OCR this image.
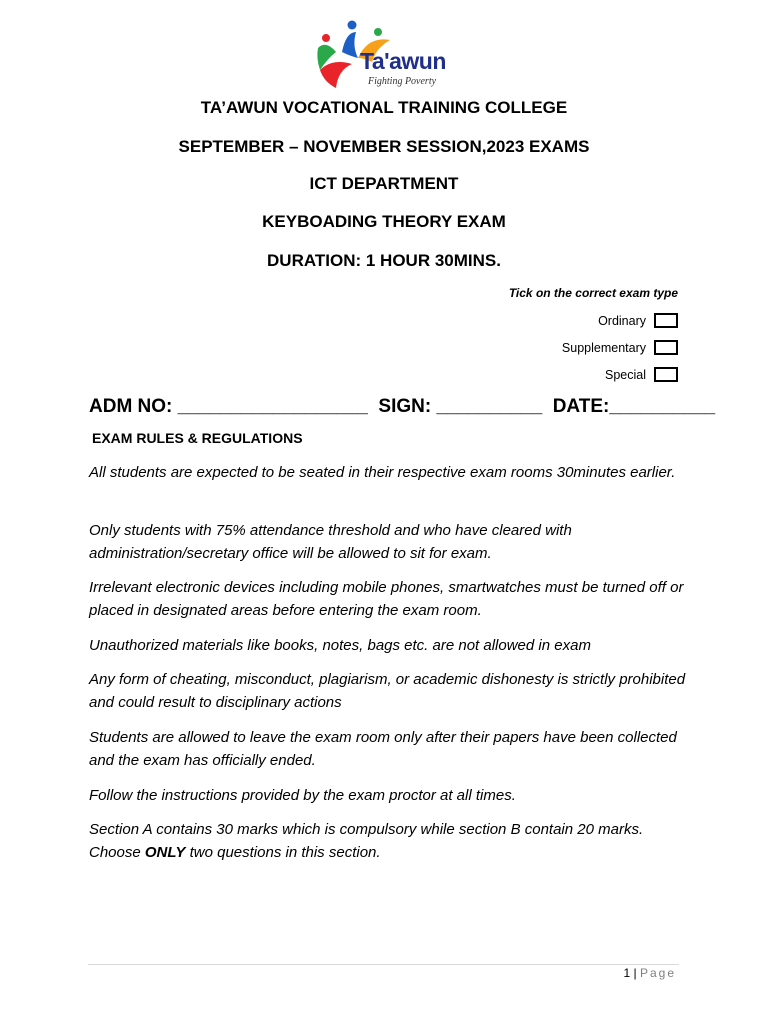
Ta'awun
Fighting Poverty
TA’AWUN VOCATIONAL TRAINING COLLEGE
SEPTEMBER – NOVEMBER SESSION,2023 EXAMS
ICT DEPARTMENT
KEYBOADING THEORY EXAM
DURATION: 1 HOUR 30MINS.
Tick on the correct exam type
Ordinary
Supplementary
Special
ADM NO: __________________  SIGN: __________  DATE:__________
EXAM RULES & REGULATIONS
All students are expected to be seated in their respective exam rooms 30minutes earlier.
Only students with 75% attendance threshold and who have cleared with administration/secretary office will be allowed to sit for exam.
Irrelevant electronic devices including mobile phones, smartwatches must be turned off or placed in designated areas before entering the exam room.
Unauthorized materials like books, notes, bags etc. are not allowed in exam
Any form of cheating, misconduct, plagiarism, or academic dishonesty is strictly prohibited and could result to disciplinary actions
Students are allowed to leave the exam room only after their papers have been collected and the exam has officially ended.
Follow the instructions provided by the exam proctor at all times.
Section A contains 30 marks which is compulsory while section B contain 20 marks. Choose ONLY two questions in this section.
1 | Page
